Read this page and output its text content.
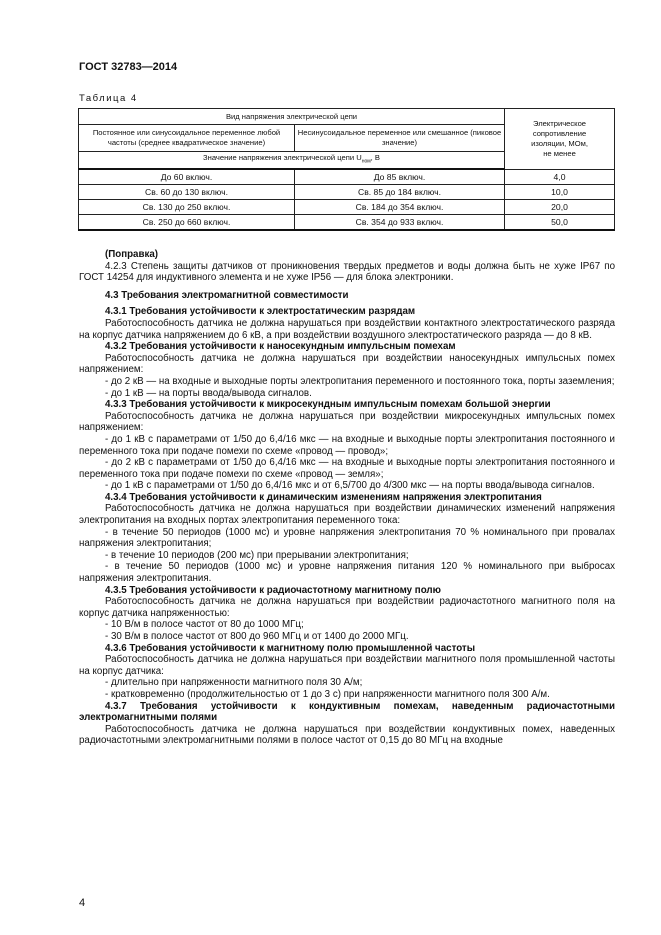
ГОСТ 32783—2014
Таблица 4
Вид напряжения электрической цепи		Электрическое
сопротивление
изоляции, МОм,
не менее

Постоянное или синусоидальное переменное любой частоты (среднее квадратическое значение)	Несинусоидальное переменное или смешанное (пиковое значение)	
Значение напряжения электрической цепи $U_{ном}$, В		
До 60 включ.	До 85 включ.	4,0
Св. 60 до 130 включ.	Св. 85 до 184 включ.	10,0
Св. 130 до 250 включ.	Св. 184 до 354 включ.	20,0
Св. 250 до 660 включ.	Св. 354 до 933 включ.	50,0

(Поправка)

4.2.3 Степень защиты датчиков от проникновения твердых предметов и воды должна быть не хуже IP67 по ГОСТ 14254 для индуктивного элемента и не хуже IP56 — для блока электроники.

4.3 Требования электромагнитной совместимости

4.3.1 Требования устойчивости к электростатическим разрядам

Работоспособность датчика не должна нарушаться при воздействии контактного электростатического разряда на корпус датчика напряжением до 6 кВ, а при воздействии воздушного электростатического разряда — до 8 кВ.

4.3.2 Требования устойчивости к наносекундным импульсным помехам

Работоспособность датчика не должна нарушаться при воздействии наносекундных импульсных помех напряжением:

- до 2 кВ — на входные и выходные порты электропитания переменного и постоянного тока, порты заземления;

- до 1 кВ — на порты ввода/вывода сигналов.

4.3.3 Требования устойчивости к микросекундным импульсным помехам большой энергии

Работоспособность датчика не должна нарушаться при воздействии микросекундных импульсных помех напряжением:

- до 1 кВ с параметрами от 1/50 до 6,4/16 мкс — на входные и выходные порты электропитания постоянного и переменного тока при подаче помехи по схеме «провод — провод»;

- до 2 кВ с параметрами от 1/50 до 6,4/16 мкс — на входные и выходные порты электропитания постоянного и переменного тока при подаче помехи по схеме «провод — земля»;

- до 1 кВ с параметрами от 1/50 до 6,4/16 мкс и от 6,5/700 до 4/300 мкс — на порты ввода/вывода сигналов.

4.3.4 Требования устойчивости к динамическим изменениям напряжения электропитания

Работоспособность датчика не должна нарушаться при воздействии динамических изменений напряжения электропитания на входных портах электропитания переменного тока:

- в течение 50 периодов (1000 мс) и уровне напряжения электропитания 70 % номинального при провалах напряжения электропитания;

- в течение 10 периодов (200 мс) при прерывании электропитания;

- в течение 50 периодов (1000 мс) и уровне напряжения питания 120 % номинального при выбросах напряжения электропитания.

4.3.5 Требования устойчивости к радиочастотному магнитному полю

Работоспособность датчика не должна нарушаться при воздействии радиочастотного магнитного поля на корпус датчика напряженностью:

- 10 В/м в полосе частот от 80 до 1000 МГц;

- 30 В/м в полосе частот от 800 до 960 МГц и от 1400 до 2000 МГц.

4.3.6 Требования устойчивости к магнитному полю промышленной частоты

Работоспособность датчика не должна нарушаться при воздействии магнитного поля промышленной частоты на корпус датчика:

- длительно при напряженности магнитного поля 30 А/м;

- кратковременно (продолжительностью от 1 до 3 с) при напряженности магнитного поля 300 А/м.

4.3.7 Требования устойчивости к кондуктивным помехам, наведенным радиочастотными электромагнитными полями

Работоспособность датчика не должна нарушаться при воздействии кондуктивных помех, наведенных радиочастотными электромагнитными полями в полосе частот от 0,15 до 80 МГц на входные

4
